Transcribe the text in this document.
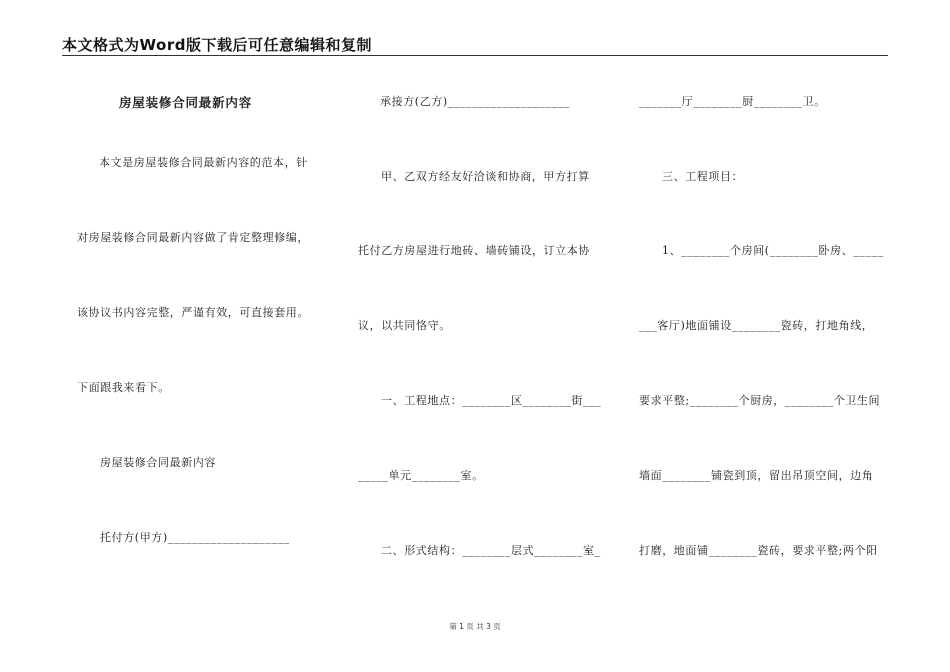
本文格式为Word版下载后可任意编辑和复制
房屋装修合同最新内容
本文是房屋装修合同最新内容的范本，针
对房屋装修合同最新内容做了肯定整理修编，
该协议书内容完整，严谨有效，可直接套用。
下面跟我来看下。
房屋装修合同最新内容
托付方(甲方)____________________
承接方(乙方)____________________
甲、乙双方经友好洽谈和协商，甲方打算
托付乙方房屋进行地砖、墙砖铺设，订立本协
议，以共同恪守。
一、工程地点：________区________街___
_____单元________室。
二、形式结构：________层式________室_
_______厅________厨________卫。
三、工程项目：
1、________个房间(________卧房、_____
___客厅)地面铺设________瓷砖，打地角线，
要求平整;________个厨房，________个卫生间
墙面________铺瓷到顶，留出吊顶空间，边角
打磨，地面铺________瓷砖，要求平整;两个阳
第 1 页 共 3 页
